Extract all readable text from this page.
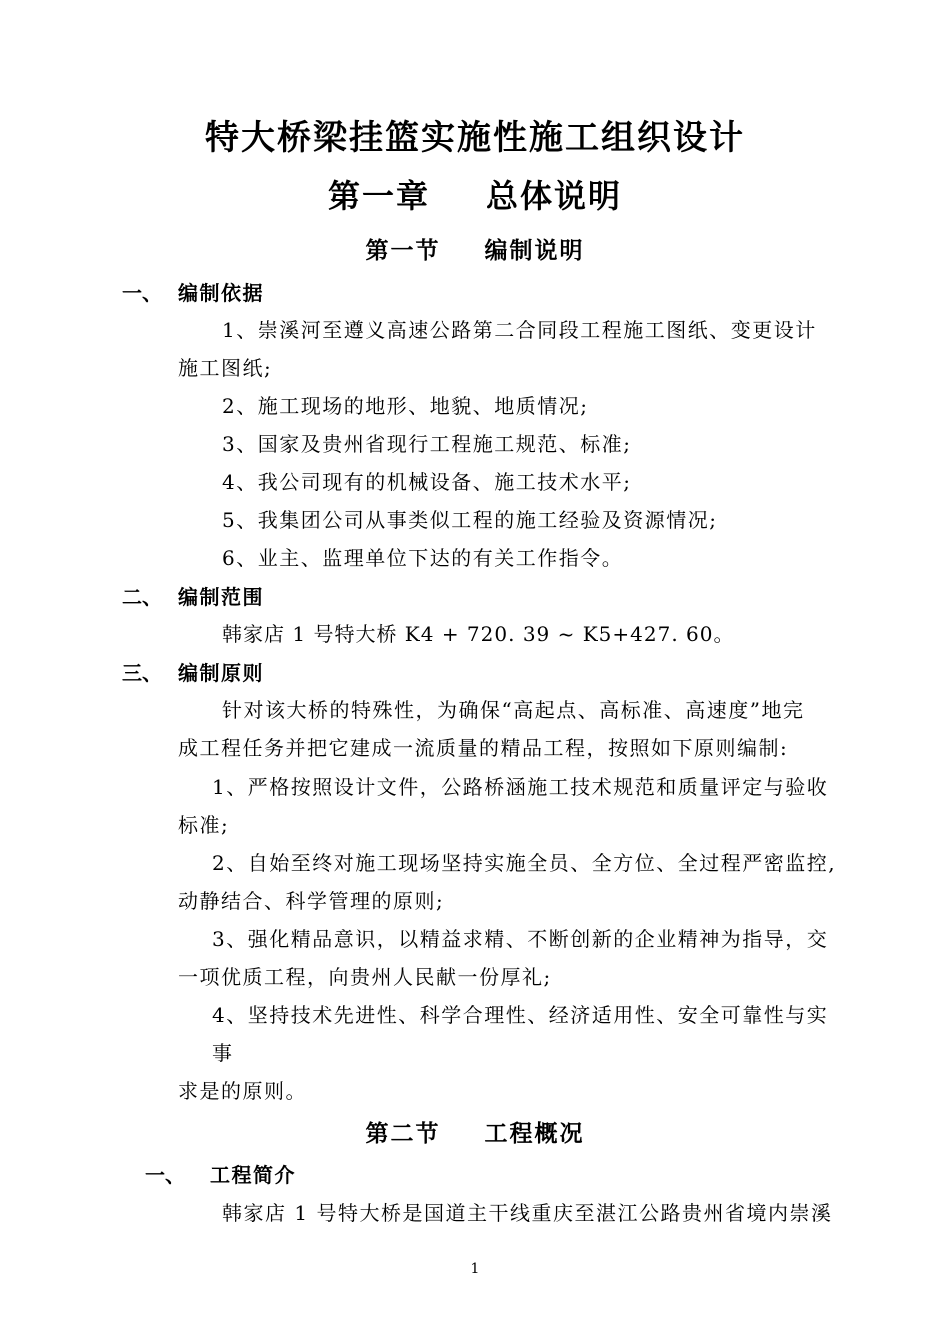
特大桥梁挂篮实施性施工组织设计
第一章 总体说明
第一节 编制说明
一、 编制依据
1、崇溪河至遵义高速公路第二合同段工程施工图纸、变更设计
施工图纸;
2、施工现场的地形、地貌、地质情况;
3、国家及贵州省现行工程施工规范、标准;
4、我公司现有的机械设备、施工技术水平;
5、我集团公司从事类似工程的施工经验及资源情况;
6、业主、监理单位下达的有关工作指令。
二、 编制范围
韩家店 1 号特大桥 K4 + 720. 39 ~ K5+427. 60。
三、 编制原则
针对该大桥的特殊性，为确保“高起点、高标准、高速度”地完
成工程任务并把它建成一流质量的精品工程，按照如下原则编制:
1、严格按照设计文件，公路桥涵施工技术规范和质量评定与验收
标准;
2、自始至终对施工现场坚持实施全员、全方位、全过程严密监控,
动静结合、科学管理的原则;
3、强化精品意识，以精益求精、不断创新的企业精神为指导，交
一项优质工程，向贵州人民献一份厚礼;
4、坚持技术先进性、科学合理性、经济适用性、安全可靠性与实
事
求是的原则。
第二节 工程概况
一、 工程简介
韩家店 1 号特大桥是国道主干线重庆至湛江公路贵州省境内崇溪
1
